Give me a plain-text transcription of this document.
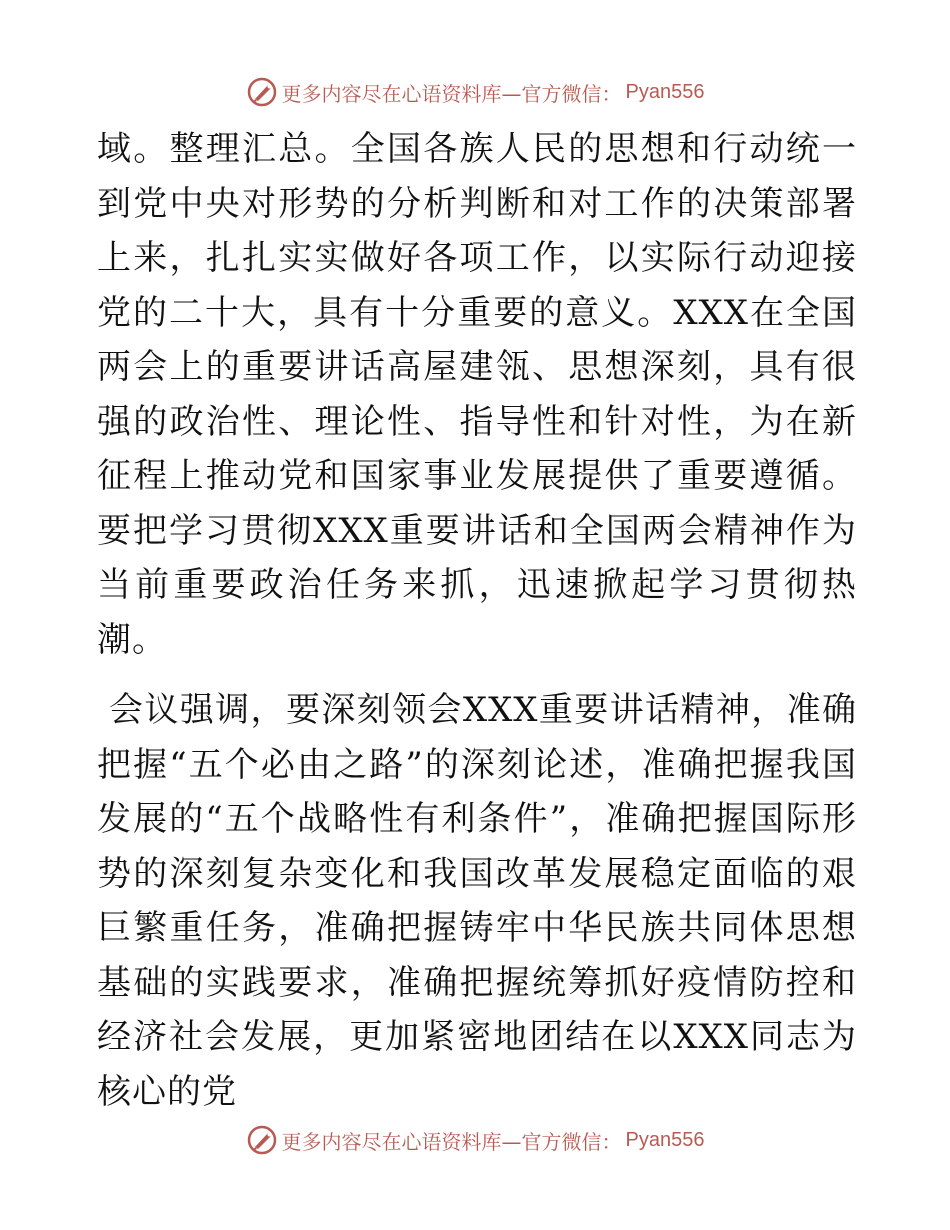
更多内容尽在心语资料库—官方微信： Pyan556

域。整理汇总。全国各族人民的思想和行动统一到党中央对形势的分析判断和对工作的决策部署上来，扎扎实实做好各项工作，以实际行动迎接党的二十大，具有十分重要的意义。XXX在全国两会上的重要讲话高屋建瓴、思想深刻，具有很强的政治性、理论性、指导性和针对性，为在新征程上推动党和国家事业发展提供了重要遵循。要把学习贯彻XXX重要讲话和全国两会精神作为当前重要政治任务来抓，迅速掀起学习贯彻热潮。

会议强调，要深刻领会XXX重要讲话精神，准确把握“五个必由之路”的深刻论述，准确把握我国发展的“五个战略性有利条件”，准确把握国际形势的深刻复杂变化和我国改革发展稳定面临的艰巨繁重任务，准确把握铸牢中华民族共同体思想基础的实践要求，准确把握统筹抓好疫情防控和经济社会发展，更加紧密地团结在以XXX同志为核心的党

更多内容尽在心语资料库—官方微信： Pyan556
